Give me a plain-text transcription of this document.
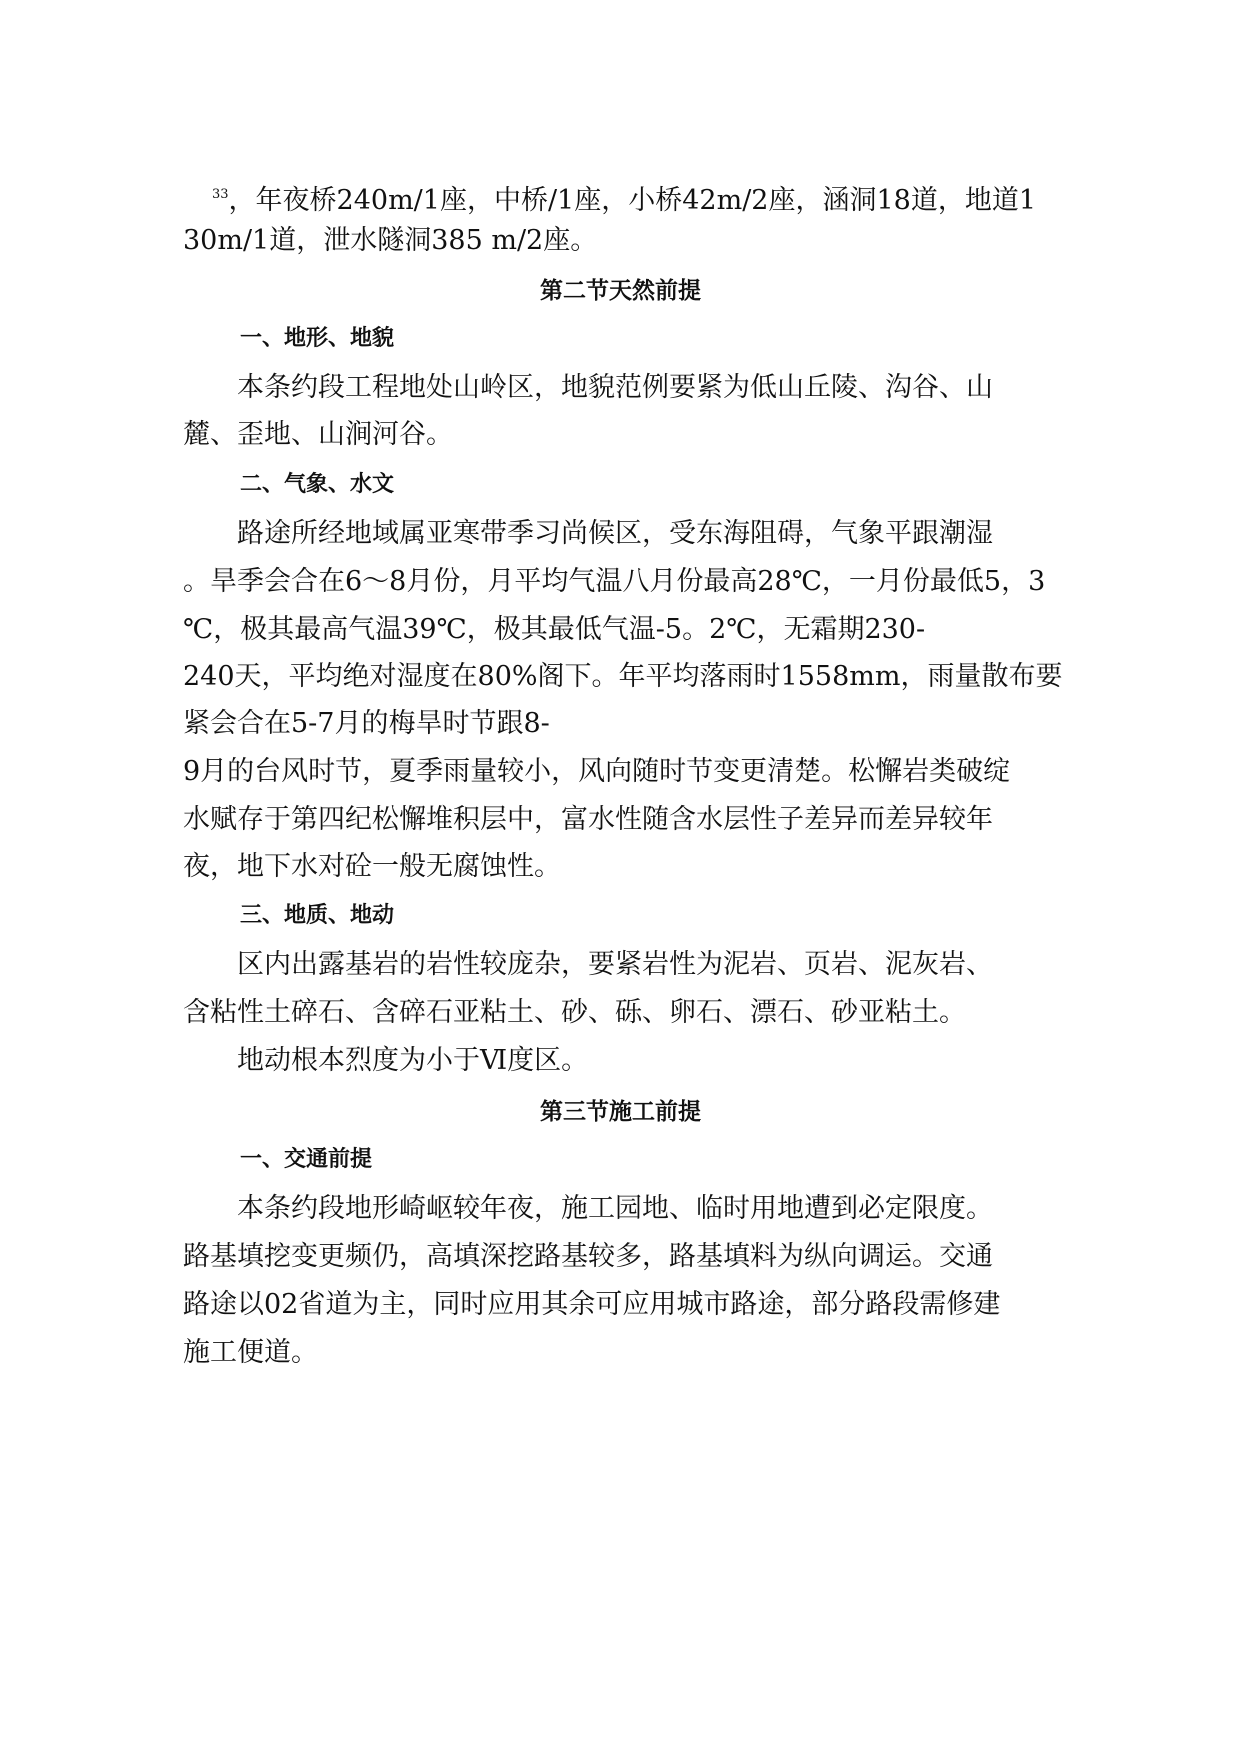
$^{33}$，年夜桥240m/1座，中桥/1座，小桥42m/2座，涵洞18道，地道1
30m/1道，泄水隧洞385 m/2座。
第二节天然前提
一、地形、地貌
本条约段工程地处山岭区，地貌范例要紧为低山丘陵、沟谷、山
麓、歪地、山涧河谷。
二、气象、水文
路途所经地域属亚寒带季习尚候区，受东海阻碍，气象平跟潮湿
。旱季会合在6～8月份，月平均气温八月份最高28℃，一月份最低5，3
℃，极其最高气温39℃，极其最低气温-5。2℃，无霜期230-
240天，平均绝对湿度在80%阁下。年平均落雨时1558mm，雨量散布要
紧会合在5-7月的梅旱时节跟8-
9月的台风时节，夏季雨量较小，风向随时节变更清楚。松懈岩类破绽
水赋存于第四纪松懈堆积层中，富水性随含水层性子差异而差异较年
夜，地下水对砼一般无腐蚀性。
三、地质、地动
区内出露基岩的岩性较庞杂，要紧岩性为泥岩、页岩、泥灰岩、
含粘性土碎石、含碎石亚粘土、砂、砾、卵石、漂石、砂亚粘土。
地动根本烈度为小于Ⅵ度区。
第三节施工前提
一、交通前提
本条约段地形崎岖较年夜，施工园地、临时用地遭到必定限度。
路基填挖变更频仍，高填深挖路基较多，路基填料为纵向调运。交通
路途以02省道为主，同时应用其余可应用城市路途，部分路段需修建
施工便道。
